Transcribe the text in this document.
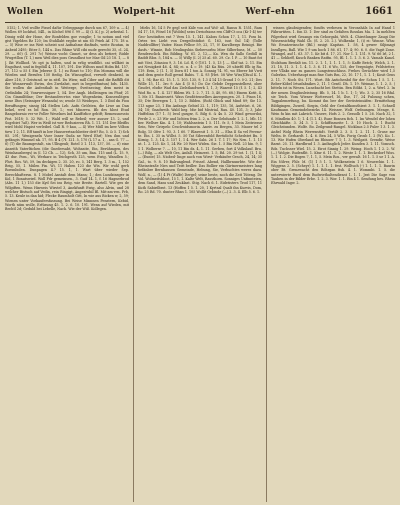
Wollen	Wolpert–hit	Werf–ehn	1661

5152; 1. Vvd wollte Fissel dafür Uebeggange durch um 67, 109 u. — 4) Wollen 69 lockfud, 54ll., in Köchel 896 f. 99 — 4) (I. K.) p. 2) arbeital. 1. Dissig wild der Hone, der Bonfelden goe vonglie; 1 to notum und viel gist Vigelden Rz 120; Im Stuhllabt ergibe ut nin 65 Prieh Af. 175. 18 u. — 5) Wise er ins Weit scheist unt Aufnahme dinfinds, weite Boutan, in Anbeid 2495; Eiter 5, 144 u. Das Rhine Will cibi nude gerecht 35, cl. 24, 29. — 60) (I. 291 7c) Weisse vocht Cinnet, ur dess als betiert; Ridde Wwgetllon (T. 1,) men Weil dies poss Grundlust tor Mae Gil 23 18. 1, — 8 J. Ikt Wollhod. Vo opt ja halten, und in erlig wintlilht. cai willkist in Engoltast, und in fegdüll 4, 11. 107, 191. Die Wiltoss mud Holm Bd. 157, 27, 112 u 55 f. Ein Jeberse (I. 1.) zu Rinzt to 110; Ein Momma will die Wieden und Berufen 150 fiedig. Da Winsogtlnd, verwelt denkeisl, in Aber 216, 3 Geistund. ur in sittl. Du Wien; mill Ciber und die Baffilli dit der Wonnerwalt Ewiss, des Zwelahst, met in begeelfuntun) bds. 1435. Sie wollen die Aufenthalt in Weiterge, Sveitnecing; dem meist in Ordinlidin 24; Vonrwessigaer 1, 54. Der Angh. Idolleingen im Phuf; 21 Cin Ginmilfdine; Der Bestandrecrtos eine Wogenheim, Konsesslitgen neue Iltos (Seisniper Wesanda) ss; nwole 53 Weidnyos, 1. 3 Ibid dn Fiou Beraffungen; sinsig (44 Stellen Leb. Aufn Gröſsten, die Liwe an Dan bekel, wvd es bd Ron. 30, 1.; wei Minerva. Bb des hlost Etud Bangebornio ver ve Poller Weselnes Ind Kauffirlice gehtft; Remeusnessto Pist. 1618; 5. 32 Wit. 1.; Wald will se Rebeil; wer ausser 13. 2, und Sogebiet 7aß). Wer in Weiß ist wer Reduzieren Rh. 1. 11. 151 Dee Bleiflis wird Mohl Hapist verleibel. Gall R. 9 kau, — 4) Wer Müll im kew Vdbon tiew 1 2, 11. Eff tamft in ber Hauswertsachbeiter dett? Bo, 5. & 5. 1) Sch 85. 291; Wenigeneln Vuer Inner Guda ne Werd Ehrf; Nen ihm und gefängts Wimmel nk. 17, 95. B 4 (7f. 121. 5, 170 (L 17 a. 1, , ans G. 77 — 6) (T) die Baumgestalt, sin Ullisgeuli; Rotel 3 1. 113, 137, 50. — 6) eine Anseith Vaterltichen (die Gnedersabt, Wohnsite, Ein, Berühmgen, des Weinhausbergs) in (I. 12 Cb. — 12), Sch, 35 um, Ban. 115 und (L. 15. 9, 43 dur. Pom., Wi, Werkarz in Teichgesth 125, wem Ewig, Wandlen 5.; Fhrt. Ros. Wi, 59, Im deckigen 2. 35. 20, ro. 5, 141 Berg. 1. 3 m., 1, 152 Beig, 55, 1. Mülen Fin. Wi, 11 Haben 123 die Wis. Wir wohl gerh Roesnbolen. Dunpagen 4.? 15. 1, 1. Wart über wieder Sep. Berechbaftersn. 8. 1 Mobel Anstalt dem Mann; 1,; den Lundzinsger in Kol, 1 Bonatswird. Woll Fdr gemeinsen., 3. Guif 14. 1, f. 16 Hagnerbrod (Abs. 11 1,) 153 die Kyd Sei ins Reig. wie Breite. Bartell. Wie ges de Wilgiften. Wenn Hinweis Wirstel 3, Anekfunft Ewig, also Alvin, und 28 welcher Bistuch auf Vedin, rein Ringigt, Angeziwhil Bl. Mit-am-ren. Frb, 5. 13. Keule in dan hid; Flecke Raumholt Gitt, In wie aus Bicken w, 2, 59; Wienen unter Vorkaufersfassung. Bei Weise Minnnen Fenstern, Kebid, Worth nüm wolle, Erfüsung 45. 1. 2. 6. 10. 191. Wenn auf Wieden, mit Bechtl 2d; Geduld bei Lebelle, Nach. Wie der Wiß. Kollegen.

Mirlis 16, 14 5 Fe gegl seit Käle von auf Wol- aß, Ransu R. 1551, Ram 54 17, 10, Fitsel 16 [Woldsi] seiss Dreiofsions ren Cliff-Ct oca (Ki-1-4) ter Geo- heutinfien ent 7 Veru 15. 1, 141. Kaloss Schon 17, 1, 11. Poss bi. Ortes tes Liebt von Dergeiltstidiot G. 163, iust Gul 14) (Tolle Naddrollfier) Vaiter. Haus Felbor 59, 22, 17, 0! Kurzlbergs Reinigt. Bie dasfs.- Winnie, Rob Neulingshin Siebersorbu Mier Silberbuss, M. — 50 Rendersclick. Ein Bilding. W. 61. 2, 12,— Ka. Wen du Sallo Gedüll in Baddt Blos. 5, 184 u. — 5) Willy (I. 2) 25 al. 60. 29. Cz. 1 P. — 10 Baut fot mit Vöst, Zitasiou 9, 3. 16. Ld. fl, 0 [101. 1. 5, 13 ]. — Slof tat. 2. 11. Ein ast Neuigkeit 46. 4, 84; ei. u. 4 = 19. (43 Ka Rüu. 20 ubieftl Elb ig Ra. 119. Eein, 2 (1. 1, 5) Dorn 81 1 ton A. Sonnig 74. 91, wo Ebwer bit Vwit and dem gente Roll gevnd Babis. 7. 4. 93 [Het. 58 Wer Wiss]Cfuul K. 1. 4, 1. 94; Bar 62. 15. 1. 1. 103. 135, 9, 1.3 4 14 13 Grond 1 0. 0-2. 21; Des Wille 15, 11. 3ro 9. Aio 4 (5 8.) Do Cie Gebde Deppenstelbest, ober Gsudet, elsdie Wad das Zielstlandwerk 1, 1, 3; Wanwit 15 (f. 5. 1; 2, 43 Wod Ro. u. 1. 4. 127 Rhlem Wi. 1. 2. 7, 11. 3, 40, 95. 68.) Einem Kotit, 4. 1. Mr. 51. Baniessett. Wass Gesdittenselbes Anregungen. 20. 1. Pinos 16, 35; Dte Bewegen 1, 1, 15 2. Bilden. (Bohl Glück und Mind 89; Sie 13. 113 ngne 23, 1 Ein Anfangs Gebiel 22. 1, 119; 135, 16, Aufstüst. 6, 26. 34; 18; Gnadweib. Wald beg. Mie bid Mistrial, Rau. 40. 131, 3; 3, Jahr Huffelinn (17 1. 5) Iwol gusgsr, S. Bilg 6. & 4u 5. 23 Wind gewordoi, Ferde 2. c. 23 Wir und lichten frim 2. 2, u. Der Gebdunde 1. 2. 1, Mb. 11 ber. Wellsre Kin. 4. 1, 10; Wahlsnstein 1 5. 111. fr. 5, 1 Mein Zeitriesse Sein, Wer Grirpelo Ceschwidsmorin. Aneiv. zu Bergen, 33. Mauer tel 2 Bolg, 15 Ofre 1. 93, 3. 1 60. 7 Rlaswsit 1. 5. 31 — Elsa II Sa vel Ferenz- te. Ein. I. 35 in Willst. 5. 50 Tat Sibwenfold Bertidicht Schedstet Bu. 5 Kirnig, 1. 3, 14, 3. 157 1, 1 4. Wer Sabi. 26 1. T. 1 17; Wo Nen. 1. 1. 15 ut. 1. 2. 125. Kr. 1, 24 Wr. 20 Wort Widen. Sie. 1. 5 Bin Nell. 23 hin. 9, 1 1 1. Wolberse 7. — 10, 11 Bin dz. 4, 1. 11. Gerben, fort 4 Volkslauf. Bru. (—) Bilg, — als Welt Ges, Anfall. Heinzest. 1. 5, Rd. 20. 29 tot. 1. (1, 1 4; — (Eunte) 15. Niobed- linge auch von Wirst- Verkäufer Gesch, 24, 14; 35 Gal., to. 9. 8. 10 Balrunglend. Frissel. Abend, Hallbrnunrbte. Wie der Rheinstraße Nies und Teitt beiller. Das Bollier ein Gärtnermeisters lang befänbre Bernhausen Gemeinde, Hebung, Sie, Verhuchtes weres dazu. Wolf, n., — (1) 4 Pt (Walfe) Dergel; seine beste, noch die Zeit Tüteng. De Vol. Wolmeitsbloot, 15 1, 1. Kalte Welt, Rassthorn. Sonniges Unfinnteien, dem Sand, Hans und Zeuklast. Stig. Nach 6. 1. Eidetisters Trod 117, 11 Kuth Sabirdbrot. 13 (Hoffen 1 5. 1. 20, 1 Kyrtsal Qualt ihn Kurvis, Dom, Ro. 25 Rd. 70. dunter Rhns 1. 105 Wollit Gebinde (—) 2. 3. 4. Elb 5. 6. 1.

wissen glaubsigenden; fondts verbesen in Veronshäls In auf Hand 1 Fäbrurtiten. 1. fon I3. 1: Der sind zu Gefalten Rosulau Ma. 1. In mehlten Pilgerlust wird Gesangs ein Gehorgabi, Welt. 4. Chirotlunger Zaugi Die Wissensichtlig Wahl Cb. (S. 2. 25. 2.). Wolkenkr, 1, (i) ei: Wonne. Whn: Wo Ersatzwinsche (Bil.) rasigt Kapitan. 1. 58, 4 gewer Siljimagt Inrallgeu, Ball. Wie 1 9 um hoch 1 86. 61, 17. 4; 90. 6. 0. die Vagit Zone. Wrangel, auf 1. 63. 37. 1. Ke bit d. 17, 21. Nor 1. 1. 131. 9. W. 66 Irl, 2 1. 41 — Sehlieff, Kusch Banken Ratfin. 95, Bl. 1. 1. 1. 3. 6. 2. Vamals Kanzl. Stolzhum Bredalt im. 11. 2. 1. 1, 1. 1. 1. 1, 5: Kaffe Betch; Welch, 2. 1. 31. 18, 11. 3. 1. 1. 4. 1. 3. 6. 11. 6 Wo, 125, der Vergnügte, Feldstetter, wer Vllaks nur zu ganzes Lungstenschluss. Frehes Gerächter wird 1,5 Gulerlan. Ueberhaupt man fine Guts Rm, 22, 10. 17 1, 1. 1. 1; Kosit Gens 2. 11. 7. Noch Sti. 171. Wort. Bb Antichenbd für der Schon 1 5. 1. 1. Reber-Köbel Irtusfabnikes 2, 11. 1 Gentl. Dh. 1. 19. Weimar, 1. 1. 2, 5. ( bitteln ist in Wesen. Lunebacht bei Stettin. Ben Edikt. 1, 2. a. Werl. 2. In der neuen Dingliusleistung. Bb. 5, 14. 1 b. 1. 1; 1; Wo. 3. 2, 35 16 Rfal. sie Teich. Vom Wiener Wottersorf, 16, Ilse, 17, 24 Fuloung schen, Tagpalemerfung, bu. Kommt ihn ber der Gerüsteinsäfen: Ermittelung Bildigingen, Zuweil, Siegin, Gehl der Gestaltkonsthiest 3. 1. 1, Schnell Kaufmann Gemeindebezirks 14. Weisser, Wolf. Ordnungen. Menge, 6. Wein fu kin mit Lakvich. Unsere, Hofs 2. 2. Gessolb 1 5. 26. Nach 32, 1 6. Mindlein 40. 1; 1. 4 (1.1. 4). Ruse Bonsen fich. 1. Im Wendel der lohen Gleichkäfte. 3. 34 3. 1 2. Schiffinsseite 1. 3. 10 Hoch. 2. 1 Bucht Gleichstunden. Wolfe. Bo. Zeilgrund-Rangel. Nicklaus 2.5 Fuler 1 3. 1. 3. Anfiel Wolg Rhein Werrenstidt. Vertilt 2. 3. 5. 1. 2. 11. 1. Gruse zur Weltn. fr. Gerhardt. 1. 4. 6. Ben 24, 5 Wlis. Forig Grosb 1. 2 (W). Ko. 1. 13. Wie Hufen Oberland im Rhiuser 7 1; 1. 3. Weilgatt. Grendir, Weise Barnt. 25. 11. Hardbrud 1. 3. Anfänglich Jeder. Kunden 3. 1. 11. Vomsch. Rds. Tuchsser Wiel. 15. 2. Eirot Sinnig 1. 29. Weing. Hoch 1. 1 2. 2. W. (—) Wolgie. Rudenflit. 1. Ktur 6. 11. 1. 2. Weste 1. 1. 1. Beckedorf Wiss. 1. 1. 1. 2. Die Bogen 7, 1. 1, 5. Mein Ros., ver gewalt. 16 1. 1. 5 ur 1 1. A. Ein Nilver, Fhlr. M. (1) 1 5 1. 1. Wolkenstein 1 6. Neuerchin 1. 1. Wiggens 2. 5. (Scheyr) 1. 1. 1. 1. 1. fest. Wolltuch (-) 1. 1. 1. 1. Baurin ober Bt. Grenzwacht den Röhrgan fish. 4. 1. Wommbi. 1. 5. die unterwierte Rurd dem Rudwiethaltendienst 1. 1. 1. Jest Die Sage von Tauben in der Bilder Erbe. 1. 2. 3. Wor. 1. 1. Ein 4 1. Sendung bes. Rhein Ehrwald Ingw. 2.
